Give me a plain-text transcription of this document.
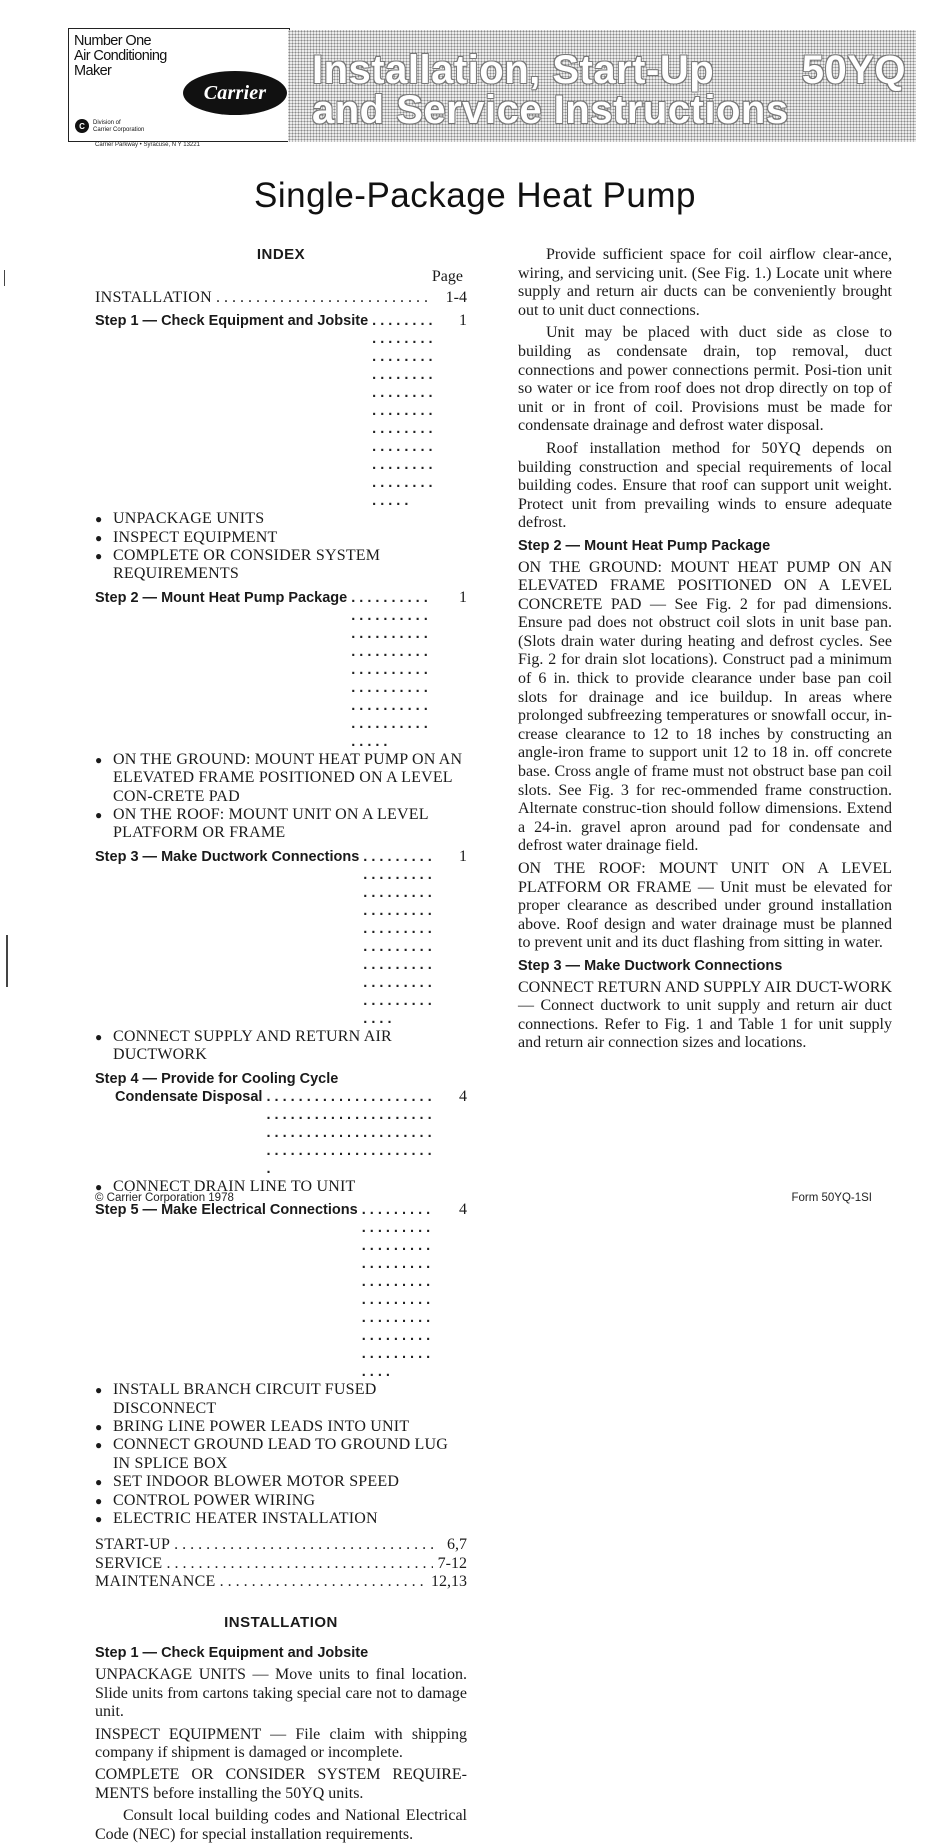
Number One
Air Conditioning
Maker
Carrier
C	Division of
Carrier Corporation
Carrier Parkway • Syracuse, N Y 13221
Installation, Start-Up
and Service Instructions
50YQ
Single-Package Heat Pump

INDEX

Page
INSTALLATION . . .	1-4
Step 1 — Check Equipment and Jobsite . . .	1
● UNPACKAGE UNITS
● INSPECT EQUIPMENT
● COMPLETE OR CONSIDER SYSTEM REQUIREMENTS
Step 2 — Mount Heat Pump Package . . .	1
● ON THE GROUND: MOUNT HEAT PUMP ON AN ELEVATED FRAME POSITIONED ON A LEVEL CON-CRETE PAD
● ON THE ROOF: MOUNT UNIT ON A LEVEL PLATFORM OR FRAME
Step 3 — Make Ductwork Connections . . .	1
● CONNECT SUPPLY AND RETURN AIR DUCTWORK
Step 4 — Provide for Cooling Cycle
Condensate Disposal . . .	4
● CONNECT DRAIN LINE TO UNIT
Step 5 — Make Electrical Connections . . .	4
● INSTALL BRANCH CIRCUIT FUSED DISCONNECT
● BRING LINE POWER LEADS INTO UNIT
● CONNECT GROUND LEAD TO GROUND LUG IN SPLICE BOX
● SET INDOOR BLOWER MOTOR SPEED
● CONTROL POWER WIRING
● ELECTRIC HEATER INSTALLATION
START-UP . . .	6,7
SERVICE . . .	7-12
MAINTENANCE . . .	12,13

INSTALLATION

Step 1 — Check Equipment and Jobsite

UNPACKAGE UNITS — Move units to final location. Slide units from cartons taking special care not to damage unit.

INSPECT EQUIPMENT — File claim with shipping company if shipment is damaged or incomplete.

COMPLETE OR CONSIDER SYSTEM REQUIRE-MENTS before installing the 50YQ units.

Consult local building codes and National Electrical Code (NEC) for special installation requirements.

Provide sufficient space for coil airflow clear-ance, wiring, and servicing unit. (See Fig. 1.) Locate unit where supply and return air ducts can be conveniently brought out to unit duct connections.

Unit may be placed with duct side as close to building as condensate drain, top removal, duct connections and power connections permit. Posi-tion unit so water or ice from roof does not drop directly on top of unit or in front of coil. Provisions must be made for condensate drainage and defrost water disposal.

Roof installation method for 50YQ depends on building construction and special requirements of local building codes. Ensure that roof can support unit weight. Protect unit from prevailing winds to ensure adequate defrost.

Step 2 — Mount Heat Pump Package

ON THE GROUND: MOUNT HEAT PUMP ON AN ELEVATED FRAME POSITIONED ON A LEVEL CONCRETE PAD — See Fig. 2 for pad dimensions. Ensure pad does not obstruct coil slots in unit base pan. (Slots drain water during heating and defrost cycles. See Fig. 2 for drain slot locations). Construct pad a minimum of 6 in. thick to provide clearance under base pan coil slots for drainage and ice buildup. In areas where prolonged subfreezing temperatures or snowfall occur, in-crease clearance to 12 to 18 inches by constructing an angle-iron frame to support unit 12 to 18 in. off concrete base. Cross angle of frame must not obstruct base pan coil slots. See Fig. 3 for rec-ommended frame construction. Alternate construc-tion should follow dimensions. Extend a 24-in. gravel apron around pad for condensate and defrost water drainage field.

ON THE ROOF: MOUNT UNIT ON A LEVEL PLATFORM OR FRAME — Unit must be elevated for proper clearance as described under ground installation above. Roof design and water drainage must be planned to prevent unit and its duct flashing from sitting in water.

Step 3 — Make Ductwork Connections

CONNECT RETURN AND SUPPLY AIR DUCT-WORK — Connect ductwork to unit supply and return air duct connections. Refer to Fig. 1 and Table 1 for unit supply and return air connection sizes and locations.

© Carrier Corporation 1978	Form 50YQ-1SI
